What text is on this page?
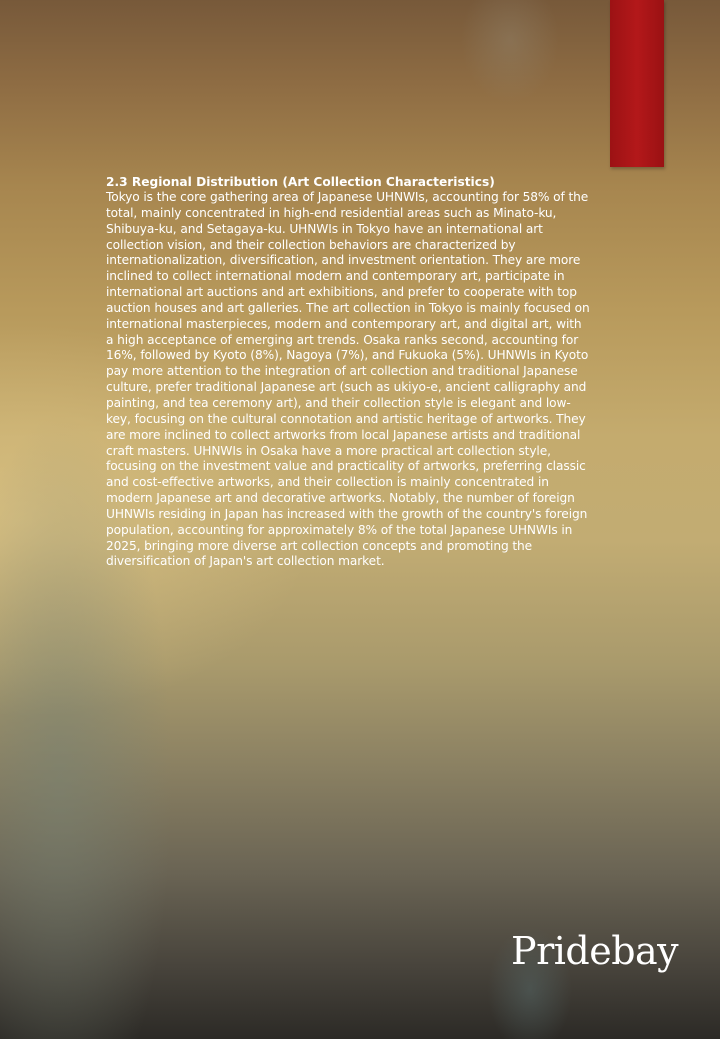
2.3 Regional Distribution (Art Collection Characteristics)

Tokyo is the core gathering area of Japanese UHNWIs, accounting for 58% of the total, mainly concentrated in high-end residential areas such as Minato-ku, Shibuya-ku, and Setagaya-ku. UHNWIs in Tokyo have an international art collection vision, and their collection behaviors are characterized by internationalization, diversification, and investment orientation. They are more inclined to collect international modern and contemporary art, participate in international art auctions and art exhibitions, and prefer to cooperate with top auction houses and art galleries. The art collection in Tokyo is mainly focused on international masterpieces, modern and contemporary art, and digital art, with a high acceptance of emerging art trends. Osaka ranks second, accounting for 16%, followed by Kyoto (8%), Nagoya (7%), and Fukuoka (5%). UHNWIs in Kyoto pay more attention to the integration of art collection and traditional Japanese culture, prefer traditional Japanese art (such as ukiyo-e, ancient calligraphy and painting, and tea ceremony art), and their collection style is elegant and low-key, focusing on the cultural connotation and artistic heritage of artworks. They are more inclined to collect artworks from local Japanese artists and traditional craft masters. UHNWIs in Osaka have a more practical art collection style, focusing on the investment value and practicality of artworks, preferring classic and cost-effective artworks, and their collection is mainly concentrated in modern Japanese art and decorative artworks. Notably, the number of foreign UHNWIs residing in Japan has increased with the growth of the country's foreign population, accounting for approximately 8% of the total Japanese UHNWIs in 2025, bringing more diverse art collection concepts and promoting the diversification of Japan's art collection market.

Pridebay
